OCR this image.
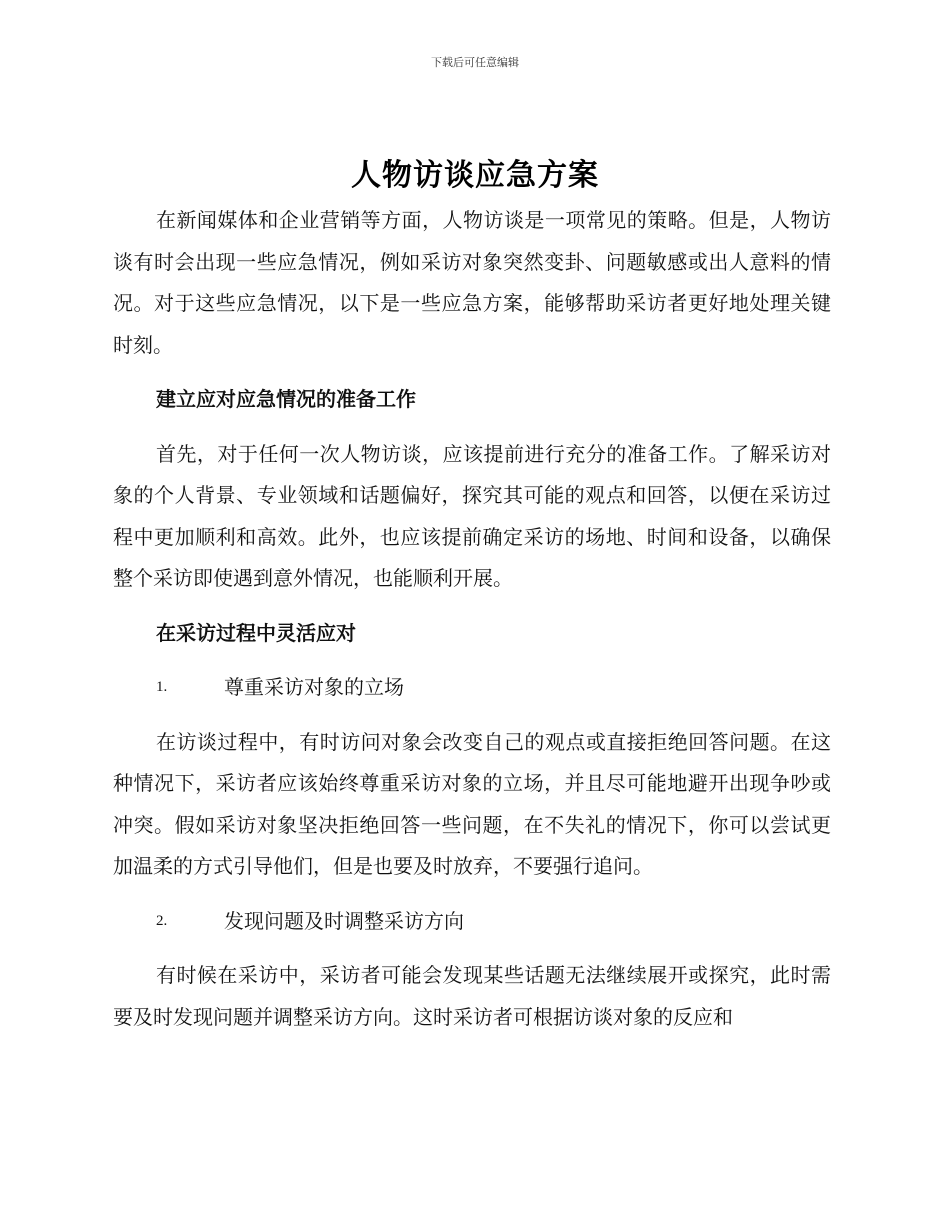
下载后可任意编辑
人物访谈应急方案

在新闻媒体和企业营销等方面，人物访谈是一项常见的策略。但是，人物访谈有时会出现一些应急情况，例如采访对象突然变卦、问题敏感或出人意料的情况。对于这些应急情况，以下是一些应急方案，能够帮助采访者更好地处理关键时刻。

建立应对应急情况的准备工作

首先，对于任何一次人物访谈，应该提前进行充分的准备工作。了解采访对象的个人背景、专业领域和话题偏好，探究其可能的观点和回答，以便在采访过程中更加顺利和高效。此外，也应该提前确定采访的场地、时间和设备，以确保整个采访即使遇到意外情况，也能顺利开展。

在采访过程中灵活应对

1.	尊重采访对象的立场

在访谈过程中，有时访问对象会改变自己的观点或直接拒绝回答问题。在这种情况下，采访者应该始终尊重采访对象的立场，并且尽可能地避开出现争吵或冲突。假如采访对象坚决拒绝回答一些问题，在不失礼的情况下，你可以尝试更加温柔的方式引导他们，但是也要及时放弃，不要强行追问。

2.	发现问题及时调整采访方向

有时候在采访中，采访者可能会发现某些话题无法继续展开或探究，此时需要及时发现问题并调整采访方向。这时采访者可根据访谈对象的反应和
